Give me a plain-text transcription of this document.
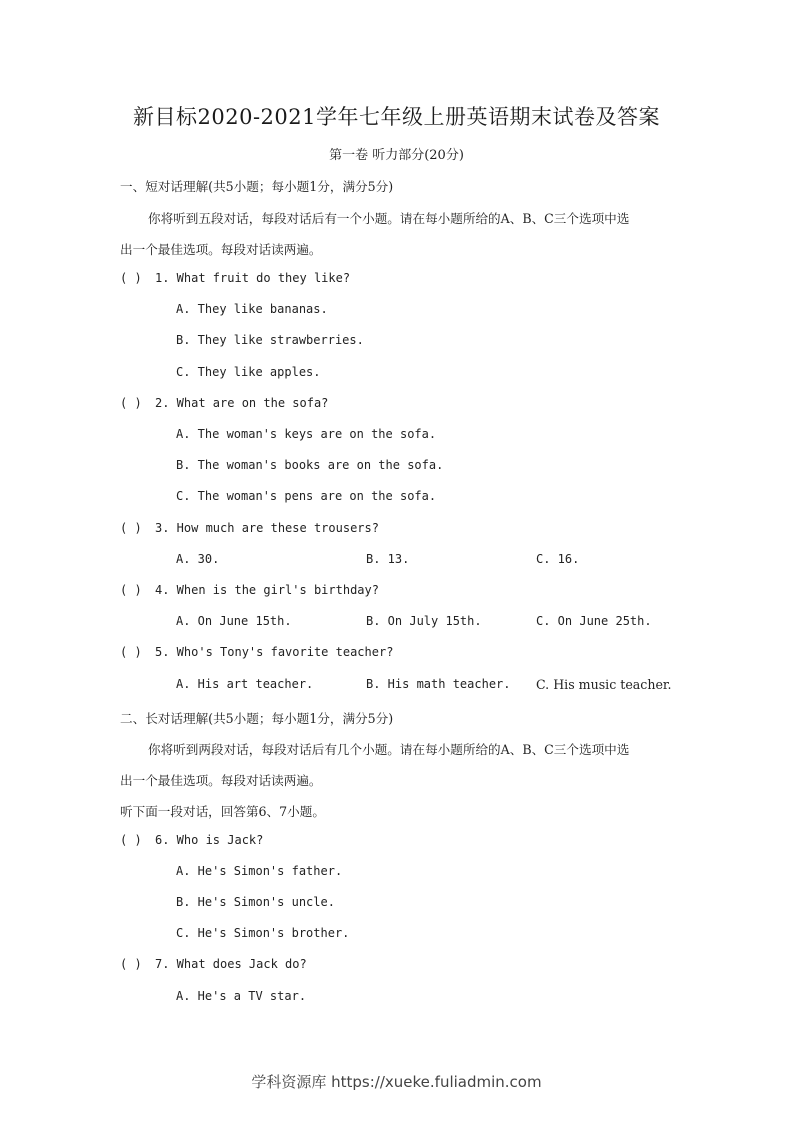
新目标2020-2021学年七年级上册英语期末试卷及答案
第一卷 听力部分(20分)
一、短对话理解(共5小题；每小题1分，满分5分)
你将听到五段对话，每段对话后有一个小题。请在每小题所给的A、B、C三个选项中选
出一个最佳选项。每段对话读两遍。
( ) 1. What fruit do they like?
A. They like bananas.
B. They like strawberries.
C. They like apples.
( ) 2. What are on the sofa?
A. The woman's keys are on the sofa.
B. The woman's books are on the sofa.
C. The woman's pens are on the sofa.
( ) 3. How much are these trousers?
A. 30.	B. 13.	C. 16.
( ) 4. When is the girl's birthday?
A. On June 15th.	B. On July 15th.	C. On June 25th.
( ) 5. Who's Tony's favorite teacher?
A. His art teacher.	B. His math teacher. C. His music teacher.
二、长对话理解(共5小题；每小题1分，满分5分)
你将听到两段对话，每段对话后有几个小题。请在每小题所给的A、B、C三个选项中选
出一个最佳选项。每段对话读两遍。
听下面一段对话，回答第6、7小题。
( ) 6. Who is Jack?
A. He's Simon's father.
B. He's Simon's uncle.
C. He's Simon's brother.
( ) 7. What does Jack do?
A. He's a TV star.
学科资源库 https://xueke.fuliadmin.com
